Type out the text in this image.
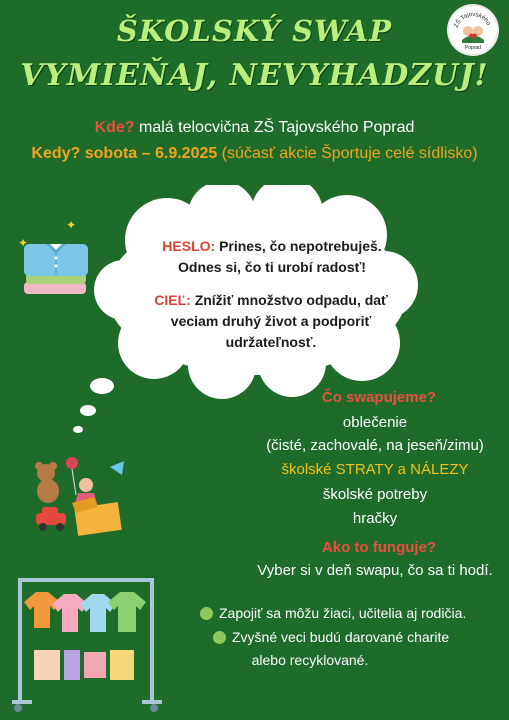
ŠKOLSKÝ SWAP
VYMIEŇAJ, NEVYHADZUJ!
ZŠ Tajovského
Poprad
Kde? malá telocvična ZŠ Tajovského Poprad
Kedy? sobota – 6.9.2025 (súčasť akcie Športuje celé sídlisko)
✦
✦	HESLO: Prines, čo nepotrebuješ.
Odnes si, čo ti urobí radosť!
CIEĽ: Znížiť množstvo odpadu, dať
veciam druhý život a podporiť
udržateľnosť.
Čo swapujeme?
oblečenie
(čisté, zachovalé, na jeseň/zimu)
školské STRATY a NÁLEZY
školské potreby
hračky
Ako to funguje?
Vyber si v deň swapu, čo sa ti hodí.
Zapojiť sa môžu žiaci, učitelia aj rodičia.
Zvyšné veci budú darované charite
alebo recyklované.
